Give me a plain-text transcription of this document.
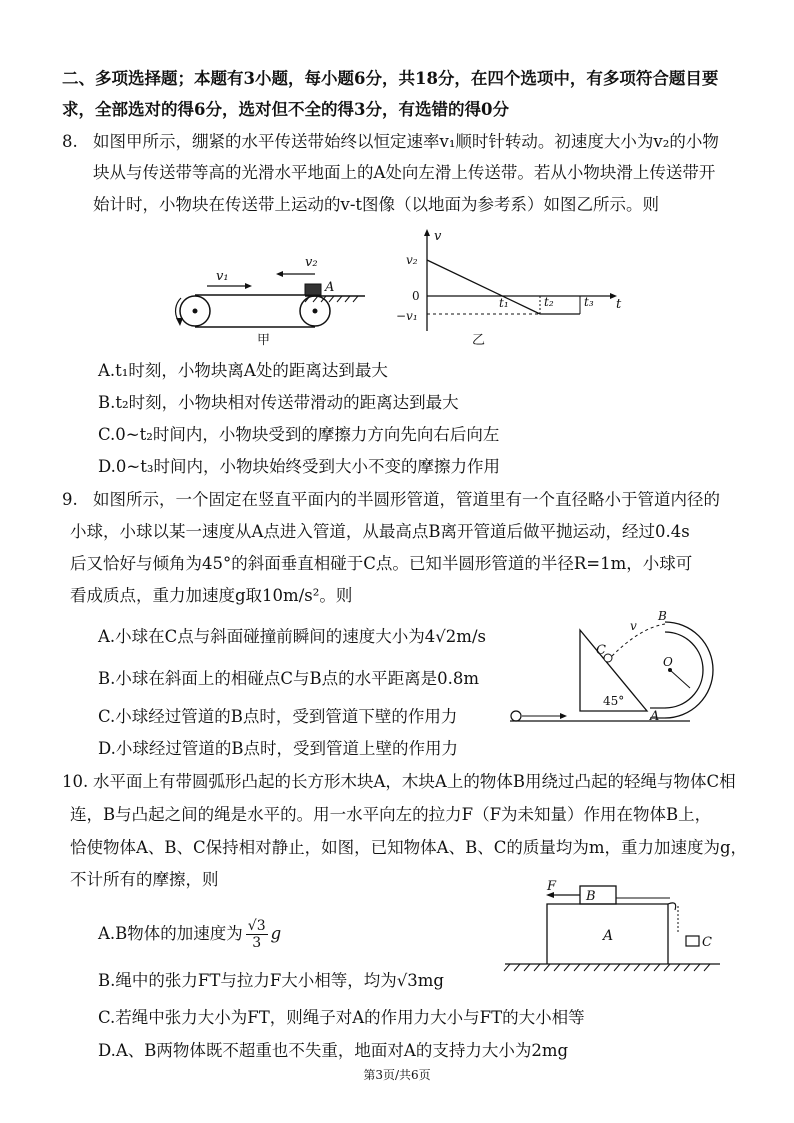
二、多项选择题；本题有3小题，每小题6分，共18分，在四个选项中，有多项符合题目要
求，全部选对的得6分，选对但不全的得3分，有选错的得0分
8. 如图甲所示，绷紧的水平传送带始终以恒定速率v₁顺时针转动。初速度大小为v₂的小物
块从与传送带等高的光滑水平地面上的A处向左滑上传送带。若从小物块滑上传送带开
始计时，小物块在传送带上运动的v-t图像（以地面为参考系）如图乙所示。则
v₁
v₂
A
甲
v
t
v₂
0
−v₁
t₁	t₂	t₃
乙
A.t₁时刻，小物块离A处的距离达到最大
B.t₂时刻，小物块相对传送带滑动的距离达到最大
C.0~t₂时间内，小物块受到的摩擦力方向先向右后向左
D.0~t₃时间内，小物块始终受到大小不变的摩擦力作用
9. 如图所示，一个固定在竖直平面内的半圆形管道，管道里有一个直径略小于管道内径的
小球，小球以某一速度从A点进入管道，从最高点B离开管道后做平抛运动，经过0.4s
后又恰好与倾角为45°的斜面垂直相碰于C点。已知半圆形管道的半径R=1m，小球可
看成质点，重力加速度g取10m/s²。则
45°
C
v
B
O
A
A.小球在C点与斜面碰撞前瞬间的速度大小为4√2m/s
B.小球在斜面上的相碰点C与B点的水平距离是0.8m
C.小球经过管道的B点时，受到管道下壁的作用力
D.小球经过管道的B点时，受到管道上壁的作用力
10. 水平面上有带圆弧形凸起的长方形木块A，木块A上的物体B用绕过凸起的轻绳与物体C相
连，B与凸起之间的绳是水平的。用一水平向左的拉力F（F为未知量）作用在物体B上，
恰使物体A、B、C保持相对静止，如图，已知物体A、B、C的质量均为m，重力加速度为g，
不计所有的摩擦，则
A
B
C
F
A.B物体的加速度为 $\frac{√3}{3}$ g
B.绳中的张力FT与拉力F大小相等，均为√3mg
C.若绳中张力大小为FT，则绳子对A的作用力大小与FT的大小相等
D.A、B两物体既不超重也不失重，地面对A的支持力大小为2mg
第3页/共6页
